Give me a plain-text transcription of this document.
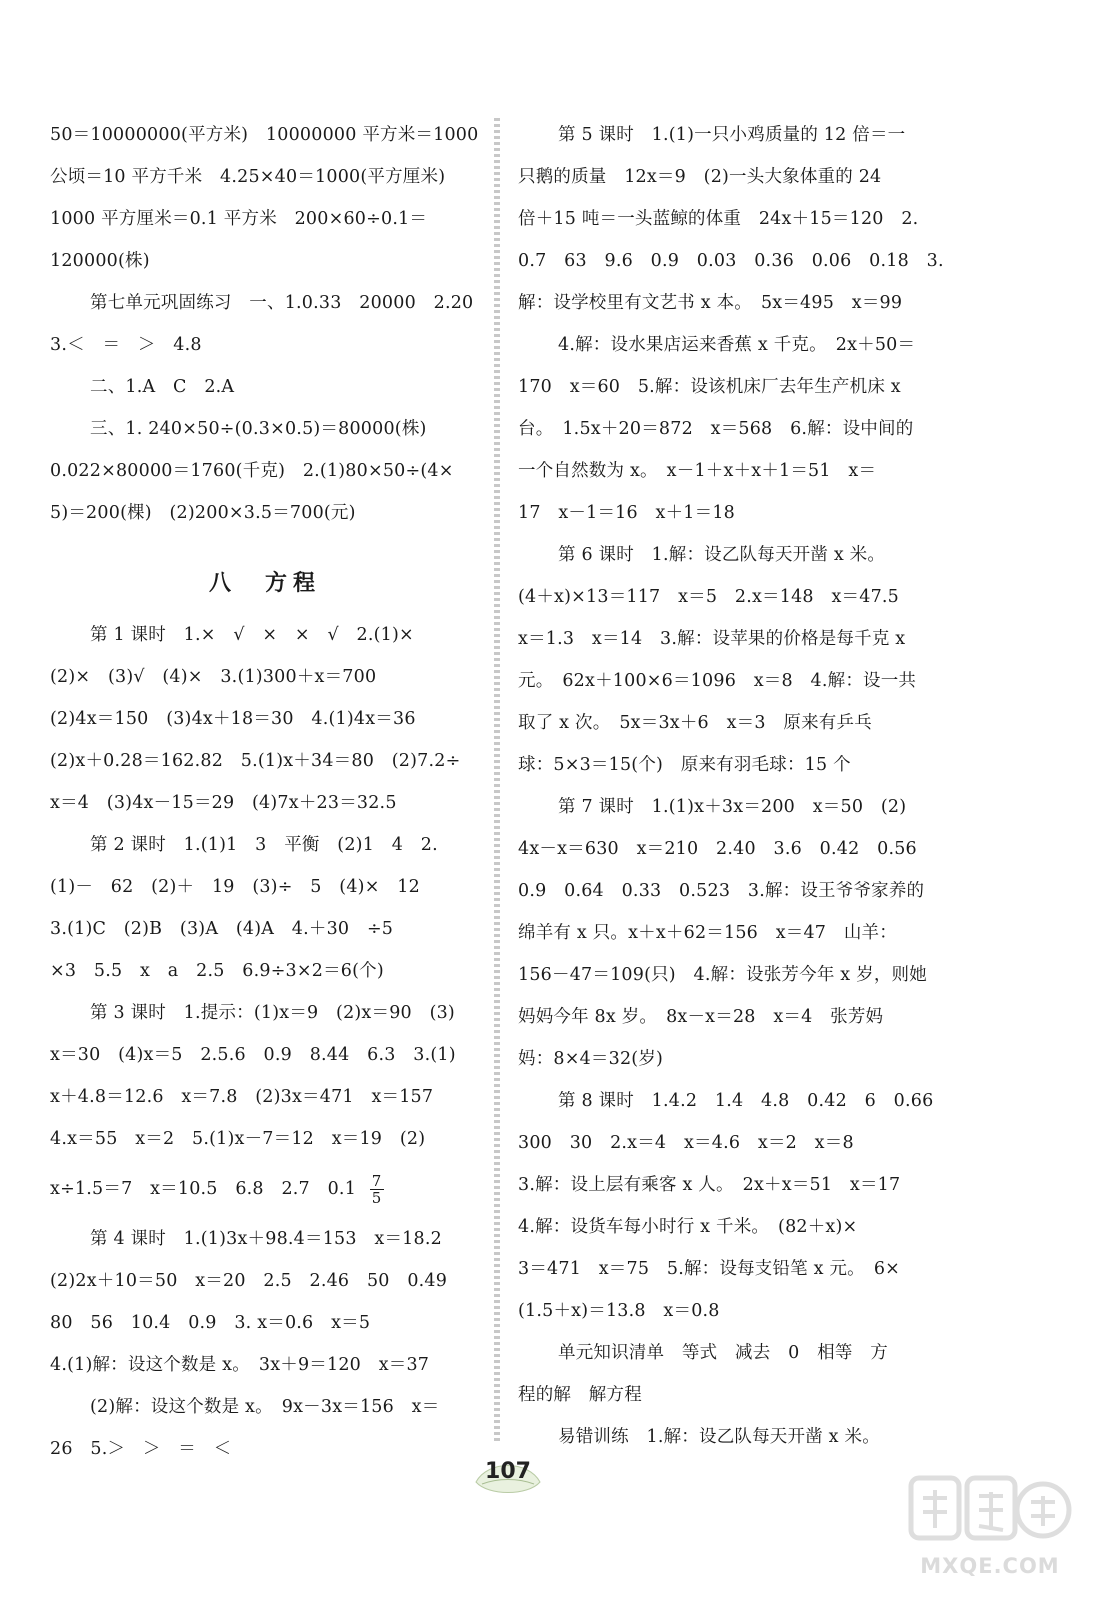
50＝10000000(平方米)　10000000 平方米＝1000
公顷＝10 平方千米　4.25×40＝1000(平方厘米)
1000 平方厘米＝0.1 平方米　200×60÷0.1＝
120000(株)
第七单元巩固练习　一、1.0.33　20000　2.20
3.＜　＝　＞　4.8
二、1.A　C　2.A
三、1. 240×50÷(0.3×0.5)＝80000(株)
0.022×80000＝1760(千克)　2.(1)80×50÷(4×
5)＝200(棵)　(2)200×3.5＝700(元)
八　方程
第 1 课时　1.×　√　×　×　√　2.(1)×
(2)×　(3)√　(4)×　3.(1)300＋x＝700
(2)4x＝150　(3)4x＋18＝30　4.(1)4x＝36
(2)x＋0.28＝162.82　5.(1)x＋34＝80　(2)7.2÷
x＝4　(3)4x－15＝29　(4)7x＋23＝32.5
第 2 课时　1.(1)1　3　平衡　(2)1　4　2.
(1)－　62　(2)＋　19　(3)÷　5　(4)×　12
3.(1)C　(2)B　(3)A　(4)A　4.＋30　÷5
×3　5.5　x　a　2.5　6.9÷3×2＝6(个)
第 3 课时　1.提示：(1)x＝9　(2)x＝90　(3)
x＝30　(4)x＝5　2.5.6　0.9　8.44　6.3　3.(1)
x＋4.8＝12.6　x＝7.8　(2)3x＝471　x＝157
4.x＝55　x＝2　5.(1)x－7＝12　x＝19　(2)
x÷1.5＝7　x＝10.5　6.8　2.7　$0.1 \frac{7}{5}$
第 4 课时　1.(1)3x＋98.4＝153　x＝18.2
(2)2x＋10＝50　x＝20　2.5　2.46　50　0.49
80　56　10.4　0.9　3. x＝0.6　x＝5
4.(1)解：设这个数是 x。　3x＋9＝120　x＝37
(2)解：设这个数是 x。　9x－3x＝156　x＝
26　5.＞　＞　＝　＜
第 5 课时　1.(1)一只小鸡质量的 12 倍＝一
只鹅的质量　12x＝9　(2)一头大象体重的 24
倍＋15 吨＝一头蓝鲸的体重　24x＋15＝120　2.
0.7　63　9.6　0.9　0.03　0.36　0.06　0.18　3.
解：设学校里有文艺书 x 本。　5x＝495　x＝99
4.解：设水果店运来香蕉 x 千克。　2x＋50＝
170　x＝60　5.解：设该机床厂去年生产机床 x
台。　1.5x＋20＝872　x＝568　6.解：设中间的
一个自然数为 x。　x－1＋x＋x＋1＝51　x＝
17　x－1＝16　x＋1＝18
第 6 课时　1.解：设乙队每天开凿 x 米。
(4＋x)×13＝117　x＝5　2.x＝148　x＝47.5
x＝1.3　x＝14　3.解：设苹果的价格是每千克 x
元。　62x＋100×6＝1096　x＝8　4.解：设一共
取了 x 次。　5x＝3x＋6　x＝3　原来有乒乓
球：5×3＝15(个)　原来有羽毛球：15 个
第 7 课时　1.(1)x＋3x＝200　x＝50　(2)
4x－x＝630　x＝210　2.40　3.6　0.42　0.56
0.9　0.64　0.33　0.523　3.解：设王爷爷家养的
绵羊有 x 只。x＋x＋62＝156　x＝47　山羊：
156－47＝109(只)　4.解：设张芳今年 x 岁，则她
妈妈今年 8x 岁。　8x－x＝28　x＝4　张芳妈
妈：8×4＝32(岁)
第 8 课时　1.4.2　1.4　4.8　0.42　6　0.66
300　30　2.x＝4　x＝4.6　x＝2　x＝8
3.解：设上层有乘客 x 人。　2x＋x＝51　x＝17
4.解：设货车每小时行 x 千米。　(82＋x)×
3＝471　x＝75　5.解：设每支铅笔 x 元。　6×
(1.5＋x)＝13.8　x＝0.8
单元知识清单　等式　减去　0　相等　方
程的解　解方程
易错训练　1.解：设乙队每天开凿 x 米。
107
MXQE.COM
